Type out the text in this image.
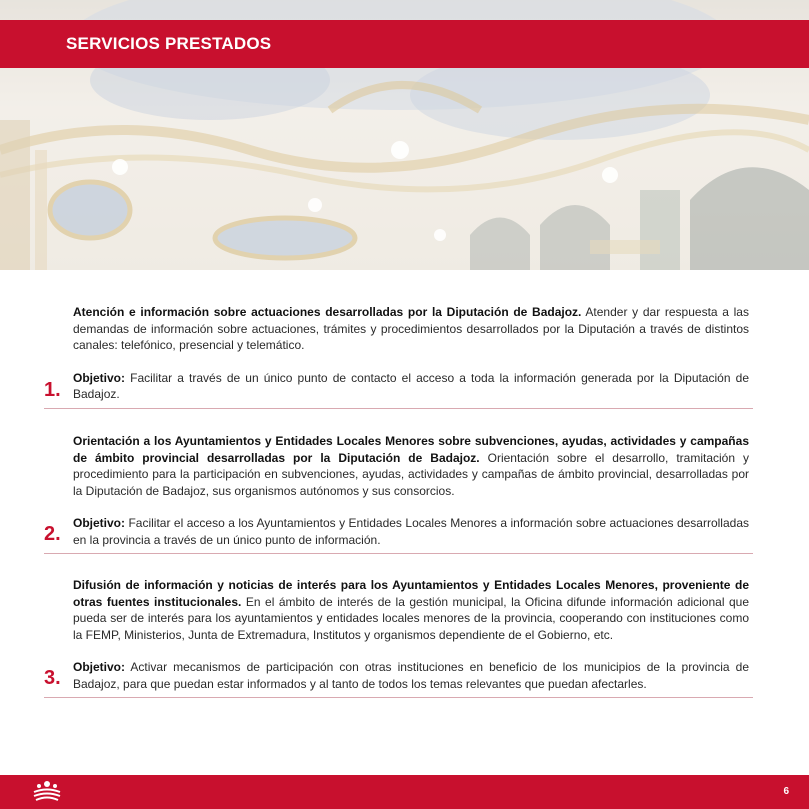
SERVICIOS PRESTADOS
Atención e información sobre actuaciones desarrolladas por la Diputación de Badajoz. Atender y dar respuesta a las demandas de información sobre actuaciones, trámites y procedimientos desarrollados por la Diputación a través de distintos canales: telefónico, presencial y telemático.
1.
Objetivo: Facilitar a través de un único punto de contacto el acceso a toda la información generada por la Diputación de Badajoz.
Orientación a los Ayuntamientos y Entidades Locales Menores sobre subvenciones, ayudas, actividades y campañas de ámbito provincial desarrolladas por la Diputación de Badajoz. Orientación sobre el desarrollo, tramitación y procedimiento para la participación en subvenciones, ayudas, actividades y campañas de ámbito provincial, desarrolladas por la Diputación de Badajoz, sus organismos autónomos y sus consorcios.
2. Objetivo: Facilitar el acceso a los Ayuntamientos y Entidades Locales Menores a información sobre actuaciones desarrolladas en la provincia a través de un único punto de información.
Difusión de información y noticias de interés para los Ayuntamientos y Entidades Locales Menores, proveniente de otras fuentes institucionales. En el ámbito de interés de la gestión municipal, la Oficina difunde información adicional que pueda ser de interés para los ayuntamientos y entidades locales menores de la provincia, cooperando con instituciones como la FEMP, Ministerios, Junta de Extremadura, Institutos y organismos dependiente de el Gobierno, etc.
3. Objetivo: Activar mecanismos de participación con otras instituciones en beneficio de los municipios de la provincia de Badajoz, para que puedan estar informados y al tanto de todos los temas relevantes que puedan afectarles.
6
